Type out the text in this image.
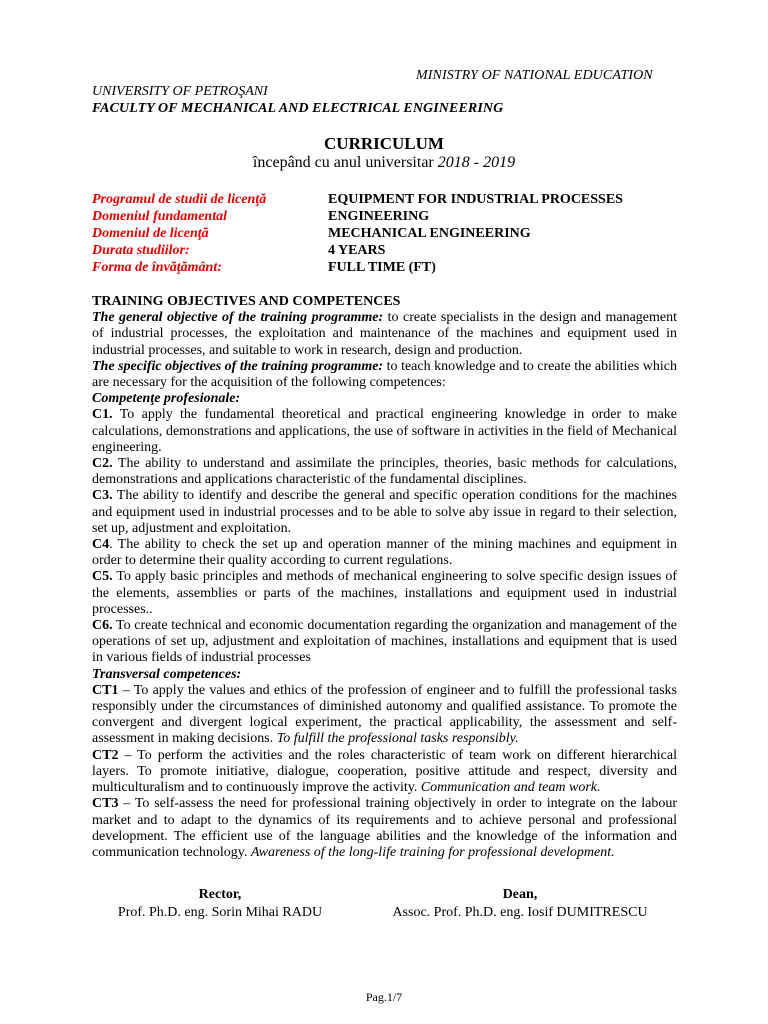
MINISTRY OF NATIONAL EDUCATION
UNIVERSITY OF PETROŞANI
FACULTY OF MECHANICAL AND ELECTRICAL ENGINEERING
CURRICULUM
începând cu anul universitar 2018 - 2019
Programul de studii de licenţă	EQUIPMENT FOR INDUSTRIAL PROCESSES
Domeniul fundamental	ENGINEERING
Domeniul de licenţă	MECHANICAL ENGINEERING
Durata studiilor:	4 YEARS
Forma de învăţământ:	FULL TIME (FT)

TRAINING OBJECTIVES AND COMPETENCES

The general objective of the training programme: to create specialists in the design and management of industrial processes, the exploitation and maintenance of the machines and equipment used in industrial processes, and suitable to work in research, design and production.

The specific objectives of the training programme: to teach knowledge and to create the abilities which are necessary for the acquisition of the following competences:

Competenţe profesionale:

C1. To apply the fundamental theoretical and practical engineering knowledge in order to make calculations, demonstrations and applications, the use of software in activities in the field of Mechanical engineering.

C2. The ability to understand and assimilate the principles, theories, basic methods for calculations, demonstrations and applications characteristic of the fundamental disciplines.

C3. The ability to identify and describe the general and specific operation conditions for the machines and equipment used in industrial processes and to be able to solve aby issue in regard to their selection, set up, adjustment and exploitation.

C4. The ability to check the set up and operation manner of the mining machines and equipment in order to determine their quality according to current regulations.

C5. To apply basic principles and methods of mechanical engineering to solve specific design issues of the elements, assemblies or parts of the machines, installations and equipment used in industrial processes..

C6. To create technical and economic documentation regarding the organization and management of the operations of set up, adjustment and exploitation of machines, installations and equipment that is used in various fields of industrial processes

Transversal competences:

CT1 – To apply the values and ethics of the profession of engineer and to fulfill the professional tasks responsibly under the circumstances of diminished autonomy and qualified assistance. To promote the convergent and divergent logical experiment, the practical applicability, the assessment and self-assessment in making decisions. To fulfill the professional tasks responsibly.

CT2 – To perform the activities and the roles characteristic of team work on different hierarchical layers. To promote initiative, dialogue, cooperation, positive attitude and respect, diversity and multiculturalism and to continuously improve the activity. Communication and team work.

CT3 – To self-assess the need for professional training objectively in order to integrate on the labour market and to adapt to the dynamics of its requirements and to achieve personal and professional development. The efficient use of the language abilities and the knowledge of the information and communication technology. Awareness of the long-life training for professional development.

Rector,
Prof. Ph.D. eng. Sorin Mihai RADU
Dean,
Assoc. Prof. Ph.D. eng. Iosif DUMITRESCU
Pag.1/7
